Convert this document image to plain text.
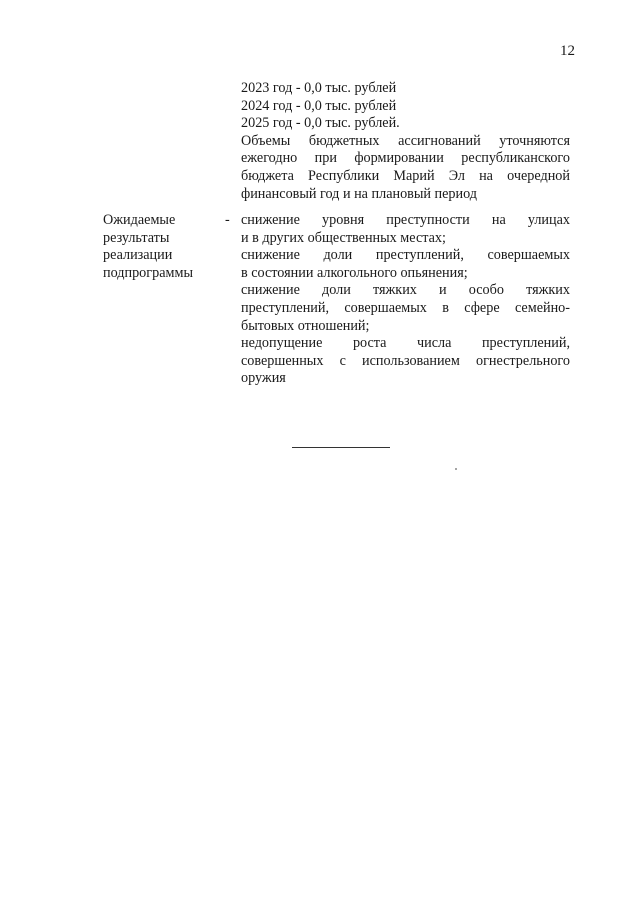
12
2023 год - 0,0 тыс. рублей
2024 год - 0,0 тыс. рублей
2025 год - 0,0 тыс. рублей.
Объемы бюджетных ассигнований уточняются
ежегодно при формировании республиканского
бюджета Республики Марий Эл на очередной
финансовый год и на плановый период
Ожидаемые
результаты
реализации
подпрограммы
- снижение уровня преступности на улицах
и в других общественных местах;
снижение доли преступлений, совершаемых
в состоянии алкогольного опьянения;
снижение доли тяжких и особо тяжких
преступлений, совершаемых в сфере семейно-
бытовых отношений;
недопущение роста числа преступлений,
совершенных с использованием огнестрельного
оружия
